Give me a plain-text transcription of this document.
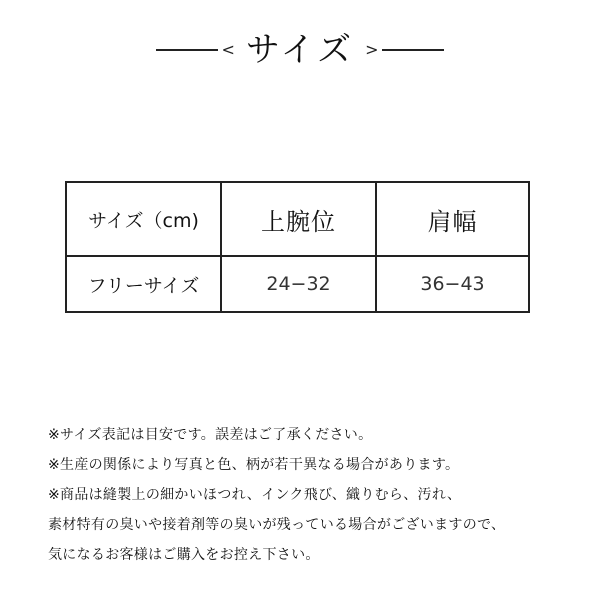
< サイズ >
サイズ（cm)	上腕位	肩幅
フリーサイズ	24−32	36−43
※サイズ表記は目安です。誤差はご了承ください。
※生産の関係により写真と色、柄が若干異なる場合があります。
※商品は縫製上の細かいほつれ、インク飛び、織りむら、汚れ、
素材特有の臭いや接着剤等の臭いが残っている場合がございますので、
気になるお客様はご購入をお控え下さい。
